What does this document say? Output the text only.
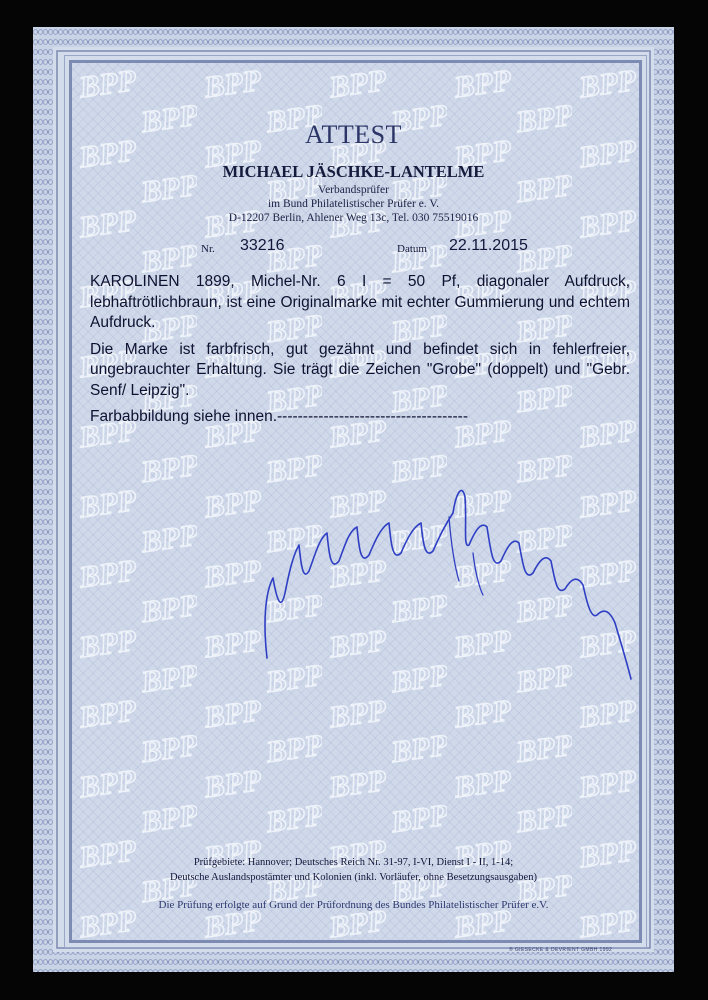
ATTEST
MICHAEL JÄSCHKE-LANTELME
Verbandsprüfer
im Bund Philatelistischer Prüfer e. V.
D-12207 Berlin, Ahlener Weg 13c, Tel. 030 75519016
Nr. 33216	Datum 22.11.2015

KAROLINEN 1899, Michel-Nr. 6 I = 50 Pf, diagonaler Aufdruck, lebhaftrötlichbraun, ist eine Originalmarke mit echter Gummierung und echtem Aufdruck.

Die Marke ist farbfrisch, gut gezähnt und befindet sich in fehlerfreier, ungebrauchter Erhaltung. Sie trägt die Zeichen "Grobe" (doppelt) und "Gebr. Senf/ Leipzig".

Farbabbildung siehe innen.-------------------------------------

Prüfgebiete: Hannover; Deutsches Reich Nr. 31-97, I-VI, Dienst I - II, 1-14;
Deutsche Auslandspostämter und Kolonien (inkl. Vorläufer, ohne Besetzungsausgaben)
Die Prüfung erfolgte auf Grund der Prüfordnung des Bundes Philatelistischer Prüfer e.V.
® GIESECKE & DEVRIENT GMBH 1992
